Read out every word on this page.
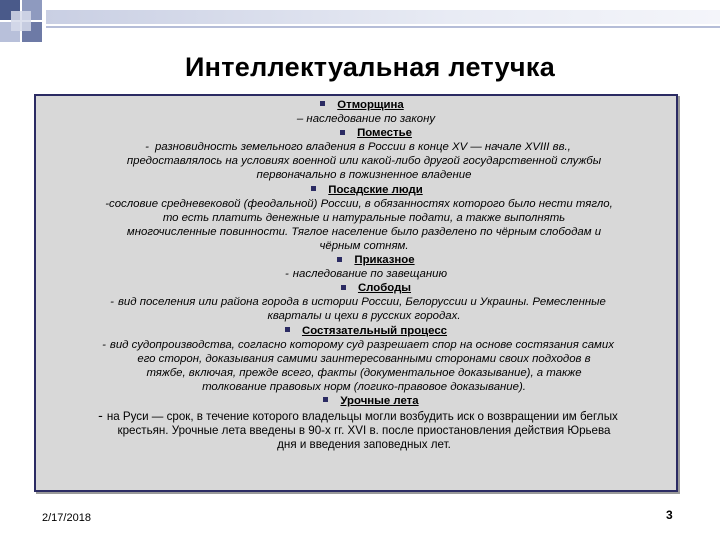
Интеллектуальная летучка
Отморщина
– наследование по закону
Поместье
- разновидность земельного владения в России в конце XV — начале XVIII вв.,
предоставлялось на условиях военной или какой-либо другой государственной службы
первоначально в пожизненное владение
Посадские люди
-сословие средневековой (феодальной) России, в обязанностях которого было нести тягло,
то есть платить денежные и натуральные подати, а также выполнять
многочисленные повинности. Тяглое население было разделено по чёрным слободам и
чёрным сотням.
Приказное
- наследование по завещанию
Слободы
- вид поселения или района города в истории России, Белоруссии и Украины. Ремесленные
кварталы и цехи в русских городах.
Состязательный процесс
- вид судопроизводства, согласно которому суд разрешает спор на основе состязания самих
его сторон, доказывания самими заинтересованными сторонами своих подходов в
тяжбе, включая, прежде всего, факты (документальное доказывание), а также
толкование правовых норм (логико-правовое доказывание).
Урочные лета
- на Руси — срок, в течение которого владельцы могли возбудить иск о возвращении им беглых
крестьян. Урочные лета введены в 90-х гг. XVI в. после приостановления действия Юрьева
дня и введения заповедных лет.
2/17/2018	3
